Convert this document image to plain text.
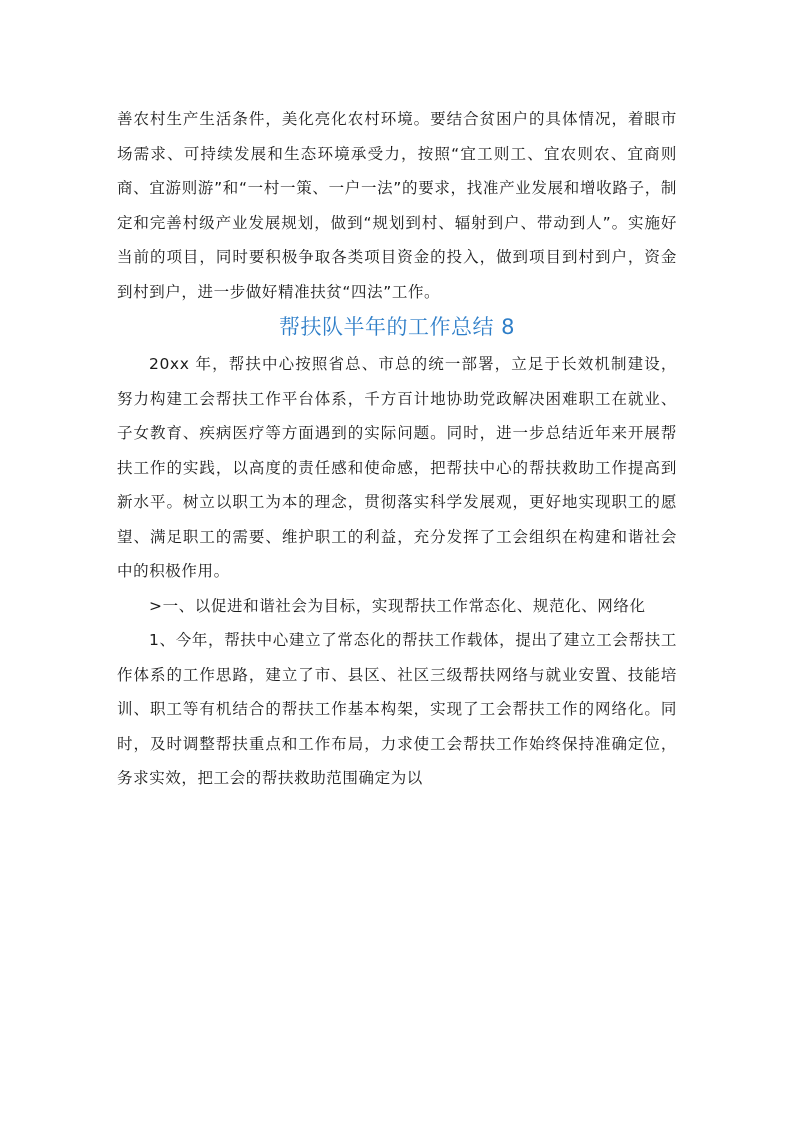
善农村生产生活条件，美化亮化农村环境。要结合贫困户的具体情况，着眼市场需求、可持续发展和生态环境承受力，按照“宜工则工、宜农则农、宜商则商、宜游则游”和“一村一策、一户一法”的要求，找准产业发展和增收路子，制定和完善村级产业发展规划，做到“规划到村、辐射到户、带动到人”。实施好当前的项目，同时要积极争取各类项目资金的投入，做到项目到村到户，资金到村到户，进一步做好精准扶贫“四法”工作。

帮扶队半年的工作总结 8

20xx 年，帮扶中心按照省总、市总的统一部署，立足于长效机制建设，努力构建工会帮扶工作平台体系，千方百计地协助党政解决困难职工在就业、子女教育、疾病医疗等方面遇到的实际问题。同时，进一步总结近年来开展帮扶工作的实践，以高度的责任感和使命感，把帮扶中心的帮扶救助工作提高到新水平。树立以职工为本的理念，贯彻落实科学发展观，更好地实现职工的愿望、满足职工的需要、维护职工的利益，充分发挥了工会组织在构建和谐社会中的积极作用。

>一、以促进和谐社会为目标，实现帮扶工作常态化、规范化、网络化

1、今年，帮扶中心建立了常态化的帮扶工作载体，提出了建立工会帮扶工作体系的工作思路，建立了市、县区、社区三级帮扶网络与就业安置、技能培训、职工等有机结合的帮扶工作基本构架，实现了工会帮扶工作的网络化。同时，及时调整帮扶重点和工作布局，力求使工会帮扶工作始终保持准确定位，务求实效，把工会的帮扶救助范围确定为以
